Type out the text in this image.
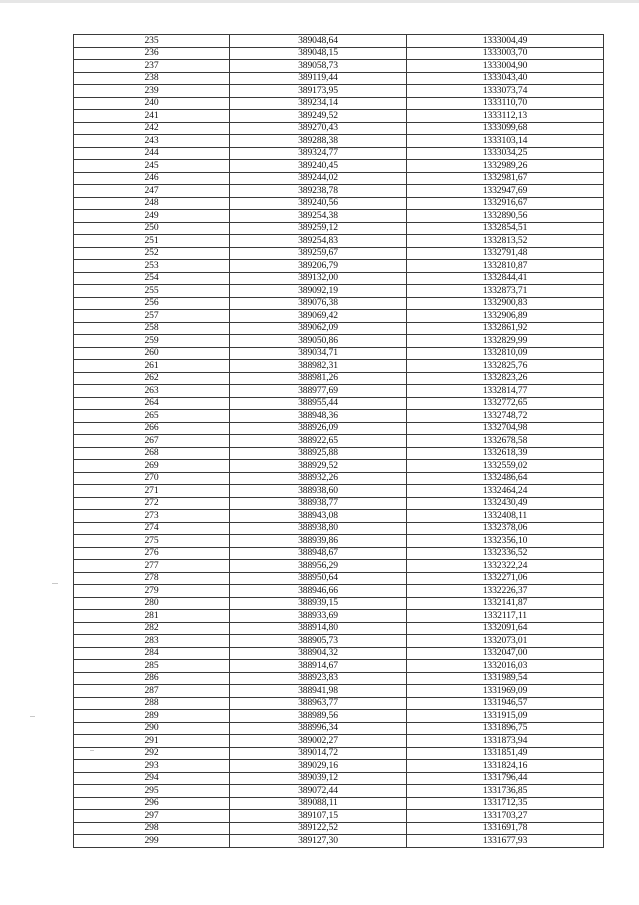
235	389048,64	1333004,49
236	389048,15	1333003,70
237	389058,73	1333004,90
238	389119,44	1333043,40
239	389173,95	1333073,74
240	389234,14	1333110,70
241	389249,52	1333112,13
242	389270,43	1333099,68
243	389288,38	1333103,14
244	389324,77	1333034,25
245	389240,45	1332989,26
246	389244,02	1332981,67
247	389238,78	1332947,69
248	389240,56	1332916,67
249	389254,38	1332890,56
250	389259,12	1332854,51
251	389254,83	1332813,52
252	389259,67	1332791,48
253	389206,79	1332810,87
254	389132,00	1332844,41
255	389092,19	1332873,71
256	389076,38	1332900,83
257	389069,42	1332906,89
258	389062,09	1332861,92
259	389050,86	1332829,99
260	389034,71	1332810,09
261	388982,31	1332825,76
262	388981,26	1332823,26
263	388977,69	1332814,77
264	388955,44	1332772,65
265	388948,36	1332748,72
266	388926,09	1332704,98
267	388922,65	1332678,58
268	388925,88	1332618,39
269	388929,52	1332559,02
270	388932,26	1332486,64
271	388938,60	1332464,24
272	388938,77	1332430,49
273	388943,08	1332408,11
274	388938,80	1332378,06
275	388939,86	1332356,10
276	388948,67	1332336,52
277	388956,29	1332322,24
278	388950,64	1332271,06
279	388946,66	1332226,37
280	388939,15	1332141,87
281	388933,69	1332117,11
282	388914,80	1332091,64
283	388905,73	1332073,01
284	388904,32	1332047,00
285	388914,67	1332016,03
286	388923,83	1331989,54
287	388941,98	1331969,09
288	388963,77	1331946,57
289	388989,56	1331915,09
290	388996,34	1331896,75
291	389002,27	1331873,94
292	389014,72	1331851,49
293	389029,16	1331824,16
294	389039,12	1331796,44
295	389072,44	1331736,85
296	389088,11	1331712,35
297	389107,15	1331703,27
298	389122,52	1331691,78
299	389127,30	1331677,93
